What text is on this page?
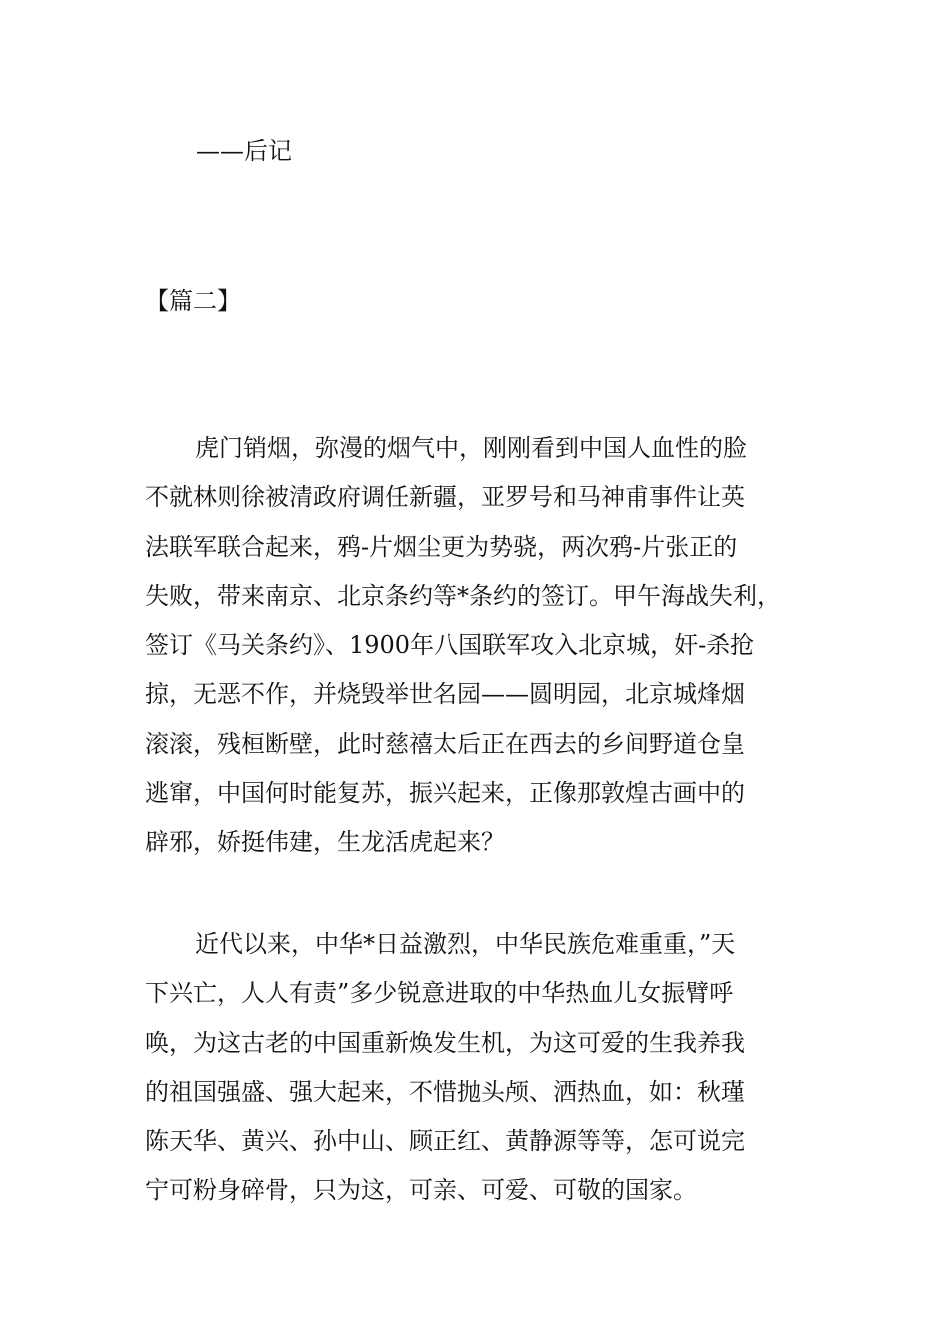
——后记
【篇二】
虎门销烟，弥漫的烟气中，刚刚看到中国人血性的脸
不就林则徐被清政府调任新疆，亚罗号和马神甫事件让英
法联军联合起来，鸦-片烟尘更为势骁，两次鸦-片张正的
失败，带来南京、北京条约等*条约的签订。甲午海战失利，
签订《马关条约》、1900年八国联军攻入北京城，奸-杀抢
掠，无恶不作，并烧毁举世名园——圆明园，北京城烽烟
滚滚，残桓断壁，此时慈禧太后正在西去的乡间野道仓皇
逃窜，中国何时能复苏，振兴起来，正像那敦煌古画中的
辟邪，娇挺伟建，生龙活虎起来？
近代以来，中华*日益激烈，中华民族危难重重，”天
下兴亡，人人有责”多少锐意进取的中华热血儿女振臂呼
唤，为这古老的中国重新焕发生机，为这可爱的生我养我
的祖国强盛、强大起来，不惜抛头颅、洒热血，如：秋瑾
陈天华、黄兴、孙中山、顾正红、黄静源等等，怎可说完
宁可粉身碎骨，只为这，可亲、可爱、可敬的国家。
